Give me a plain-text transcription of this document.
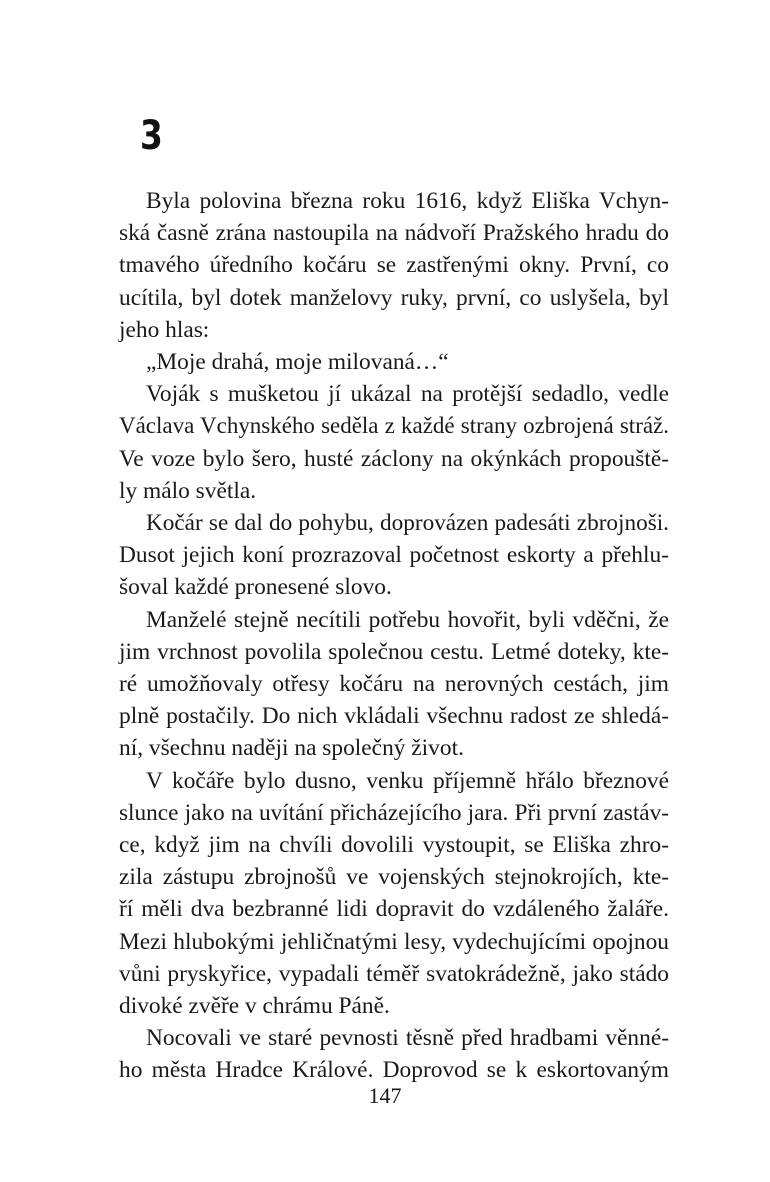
3

Byla polovina března roku 1616, když Eliška Vchyn-

ská časně zrána nastoupila na nádvoří Pražského hradu do

tmavého úředního kočáru se zastřenými okny. První, co

ucítila, byl dotek manželovy ruky, první, co uslyšela, byl

jeho hlas:

„Moje drahá, moje milovaná…“

Voják s mušketou jí ukázal na protější sedadlo, vedle

Václava Vchynského seděla z každé strany ozbrojená stráž.

Ve voze bylo šero, husté záclony na okýnkách propouště-

ly málo světla.

Kočár se dal do pohybu, doprovázen padesáti zbrojnoši.

Dusot jejich koní prozrazoval početnost eskorty a přehlu-

šoval každé pronesené slovo.

Manželé stejně necítili potřebu hovořit, byli vděčni, že

jim vrchnost povolila společnou cestu. Letmé doteky, kte-

ré umožňovaly otřesy kočáru na nerovných cestách, jim

plně postačily. Do nich vkládali všechnu radost ze shledá-

ní, všechnu naději na společný život.

V kočáře bylo dusno, venku příjemně hřálo březnové

slunce jako na uvítání přicházejícího jara. Při první zastáv-

ce, když jim na chvíli dovolili vystoupit, se Eliška zhro-

zila zástupu zbrojnošů ve vojenských stejnokrojích, kte-

ří měli dva bezbranné lidi dopravit do vzdáleného žaláře.

Mezi hlubokými jehličnatými lesy, vydechujícími opojnou

vůni pryskyřice, vypadali téměř svatokrádežně, jako stádo

divoké zvěře v chrámu Páně.

Nocovali ve staré pevnosti těsně před hradbami věnné-

ho města Hradce Králové. Doprovod se k eskortovaným

147
